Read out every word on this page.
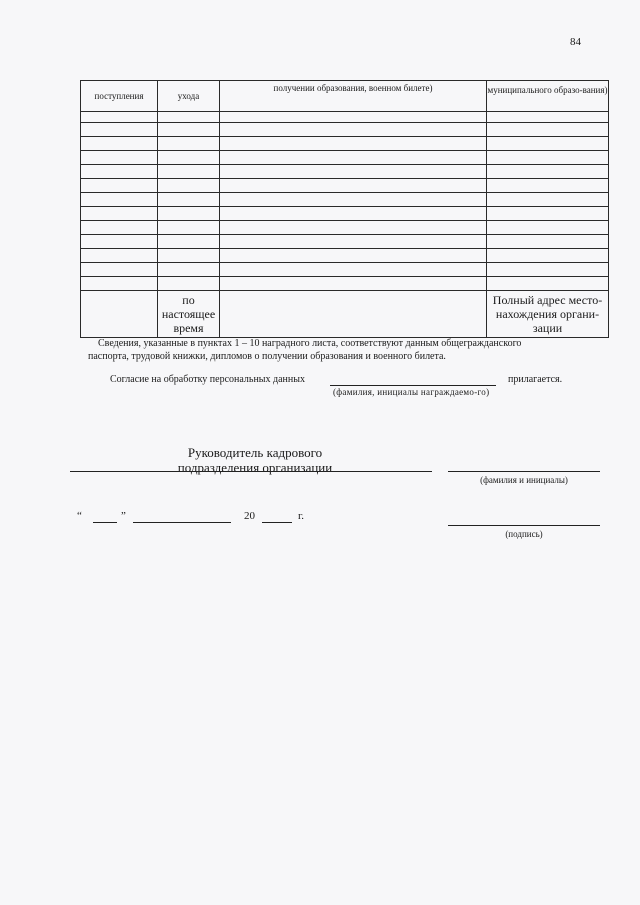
84
поступления	ухода	получении образования, военном билете)	муниципального образо-вания)

	по настоящее время		Полный адрес место-нахождения органи-зации
Сведения, указанные в пунктах 1 – 10 наградного листа, соответствуют данным общегражданского
паспорта, трудовой книжки, дипломов о получении образования и военного билета.
Согласие на обработку персональных данных	прилагается.
(фамилия, инициалы награждаемо-го)
Руководитель кадрового подразделения организации
(фамилия и инициалы)
“	”	20	г.
(подпись)
